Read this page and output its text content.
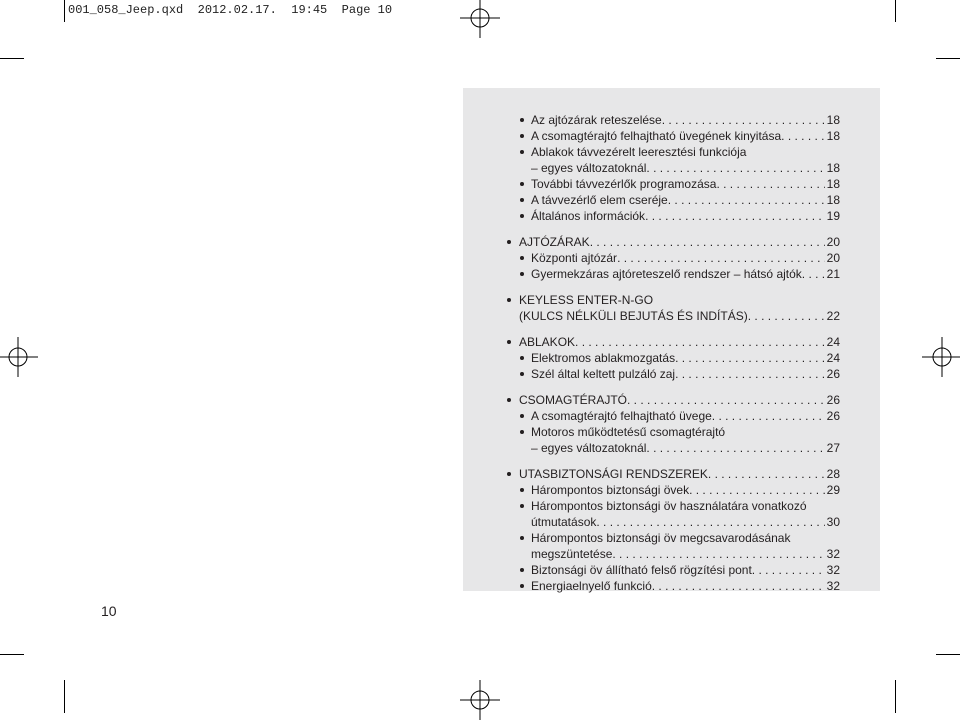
001_058_Jeep.qxd 2012.02.17. 19:45 Page 10
Az ajtózárak reteszelése . . .	18
A csomagtérajtó felhajtható üvegének kinyitása . . .	18
Ablakok távvezérelt leeresztési funkciója
– egyes változatoknál . . .	18
További távvezérlők programozása . . .	18
A távvezérlő elem cseréje . . .	18
Általános információk . . .	19
AJTÓZÁRAK . . .	20
Központi ajtózár . . .	20
Gyermekzáras ajtóreteszelő rendszer – hátsó ajtók . . . 21
KEYLESS ENTER-N-GO
(KULCS NÉLKÜLI BEJUTÁS ÉS INDÍTÁS) . . .	22
ABLAKOK . . .	24
Elektromos ablakmozgatás . . .	24
Szél által keltett pulzáló zaj . . .	26
CSOMAGTÉRAJTÓ . . .	26
A csomagtérajtó felhajtható üvege . . .	26
Motoros működtetésű csomagtérajtó
– egyes változatoknál . . .	27
UTASBIZTONSÁGI RENDSZEREK . . .	28
Hárompontos biztonsági övek . . .	29
Hárompontos biztonsági öv használatára vonatkozó
útmutatások . . .	30
Hárompontos biztonsági öv megcsavarodásának
megszüntetése . . .	32
Biztonsági öv állítható felső rögzítési pont . . .	32
Energiaelnyelő funkció . . .	32
10
